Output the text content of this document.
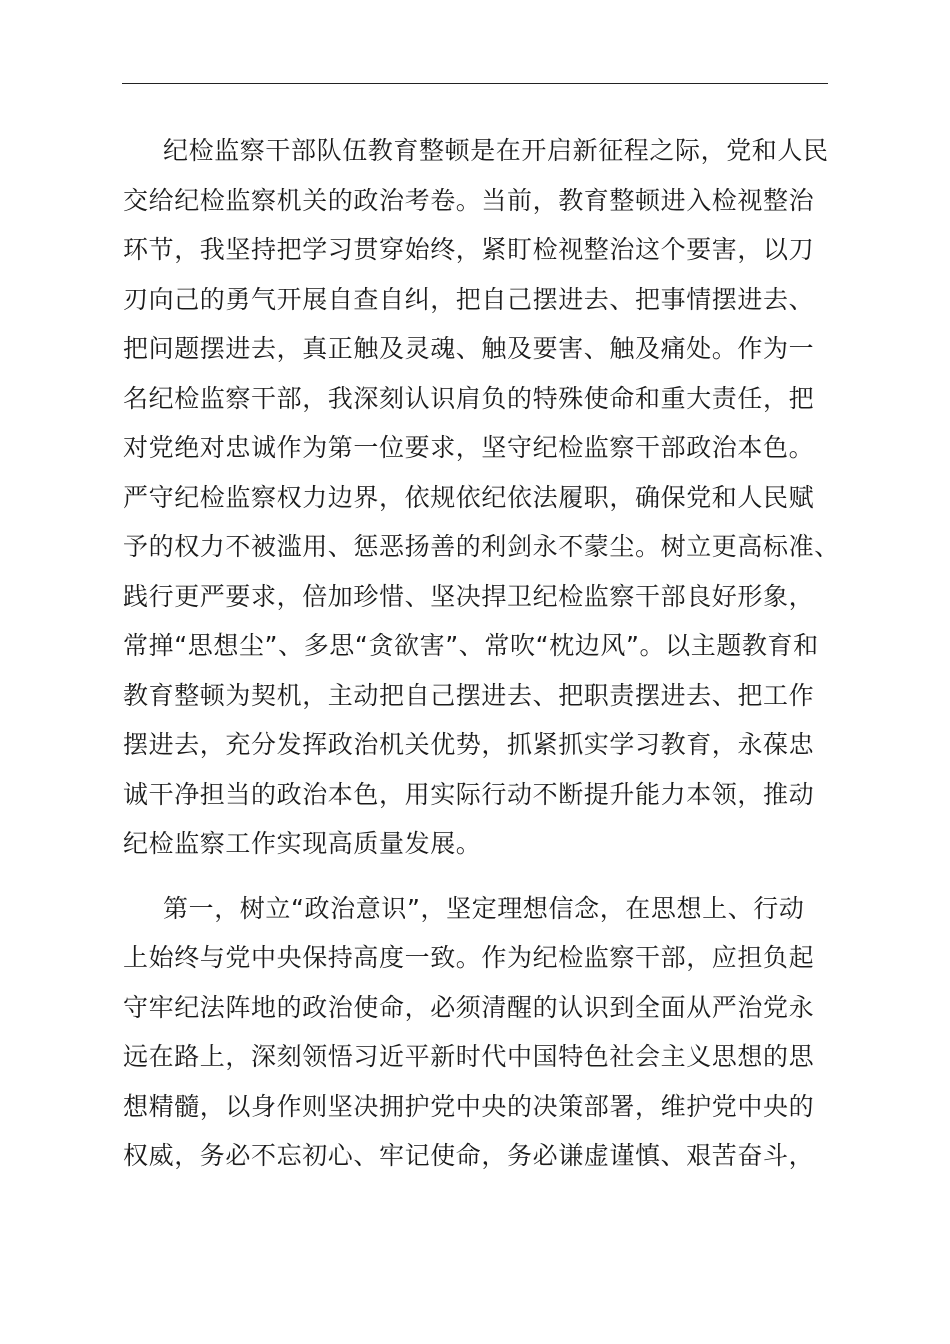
纪检监察干部队伍教育整顿是在开启新征程之际，党和人民
交给纪检监察机关的政治考卷。当前，教育整顿进入检视整治
环节，我坚持把学习贯穿始终，紧盯检视整治这个要害，以刀
刃向己的勇气开展自查自纠，把自己摆进去、把事情摆进去、
把问题摆进去，真正触及灵魂、触及要害、触及痛处。作为一
名纪检监察干部，我深刻认识肩负的特殊使命和重大责任，把
对党绝对忠诚作为第一位要求，坚守纪检监察干部政治本色。
严守纪检监察权力边界，依规依纪依法履职，确保党和人民赋
予的权力不被滥用、惩恶扬善的利剑永不蒙尘。树立更高标准、
践行更严要求，倍加珍惜、坚决捍卫纪检监察干部良好形象，
常掸“思想尘”、多思“贪欲害”、常吹“枕边风”。以主题教育和
教育整顿为契机，主动把自己摆进去、把职责摆进去、把工作
摆进去，充分发挥政治机关优势，抓紧抓实学习教育，永葆忠
诚干净担当的政治本色，用实际行动不断提升能力本领，推动
纪检监察工作实现高质量发展。
第一，树立“政治意识”，坚定理想信念，在思想上、行动
上始终与党中央保持高度一致。作为纪检监察干部，应担负起
守牢纪法阵地的政治使命，必须清醒的认识到全面从严治党永
远在路上，深刻领悟习近平新时代中国特色社会主义思想的思
想精髓，以身作则坚决拥护党中央的决策部署，维护党中央的
权威，务必不忘初心、牢记使命，务必谦虚谨慎、艰苦奋斗，
